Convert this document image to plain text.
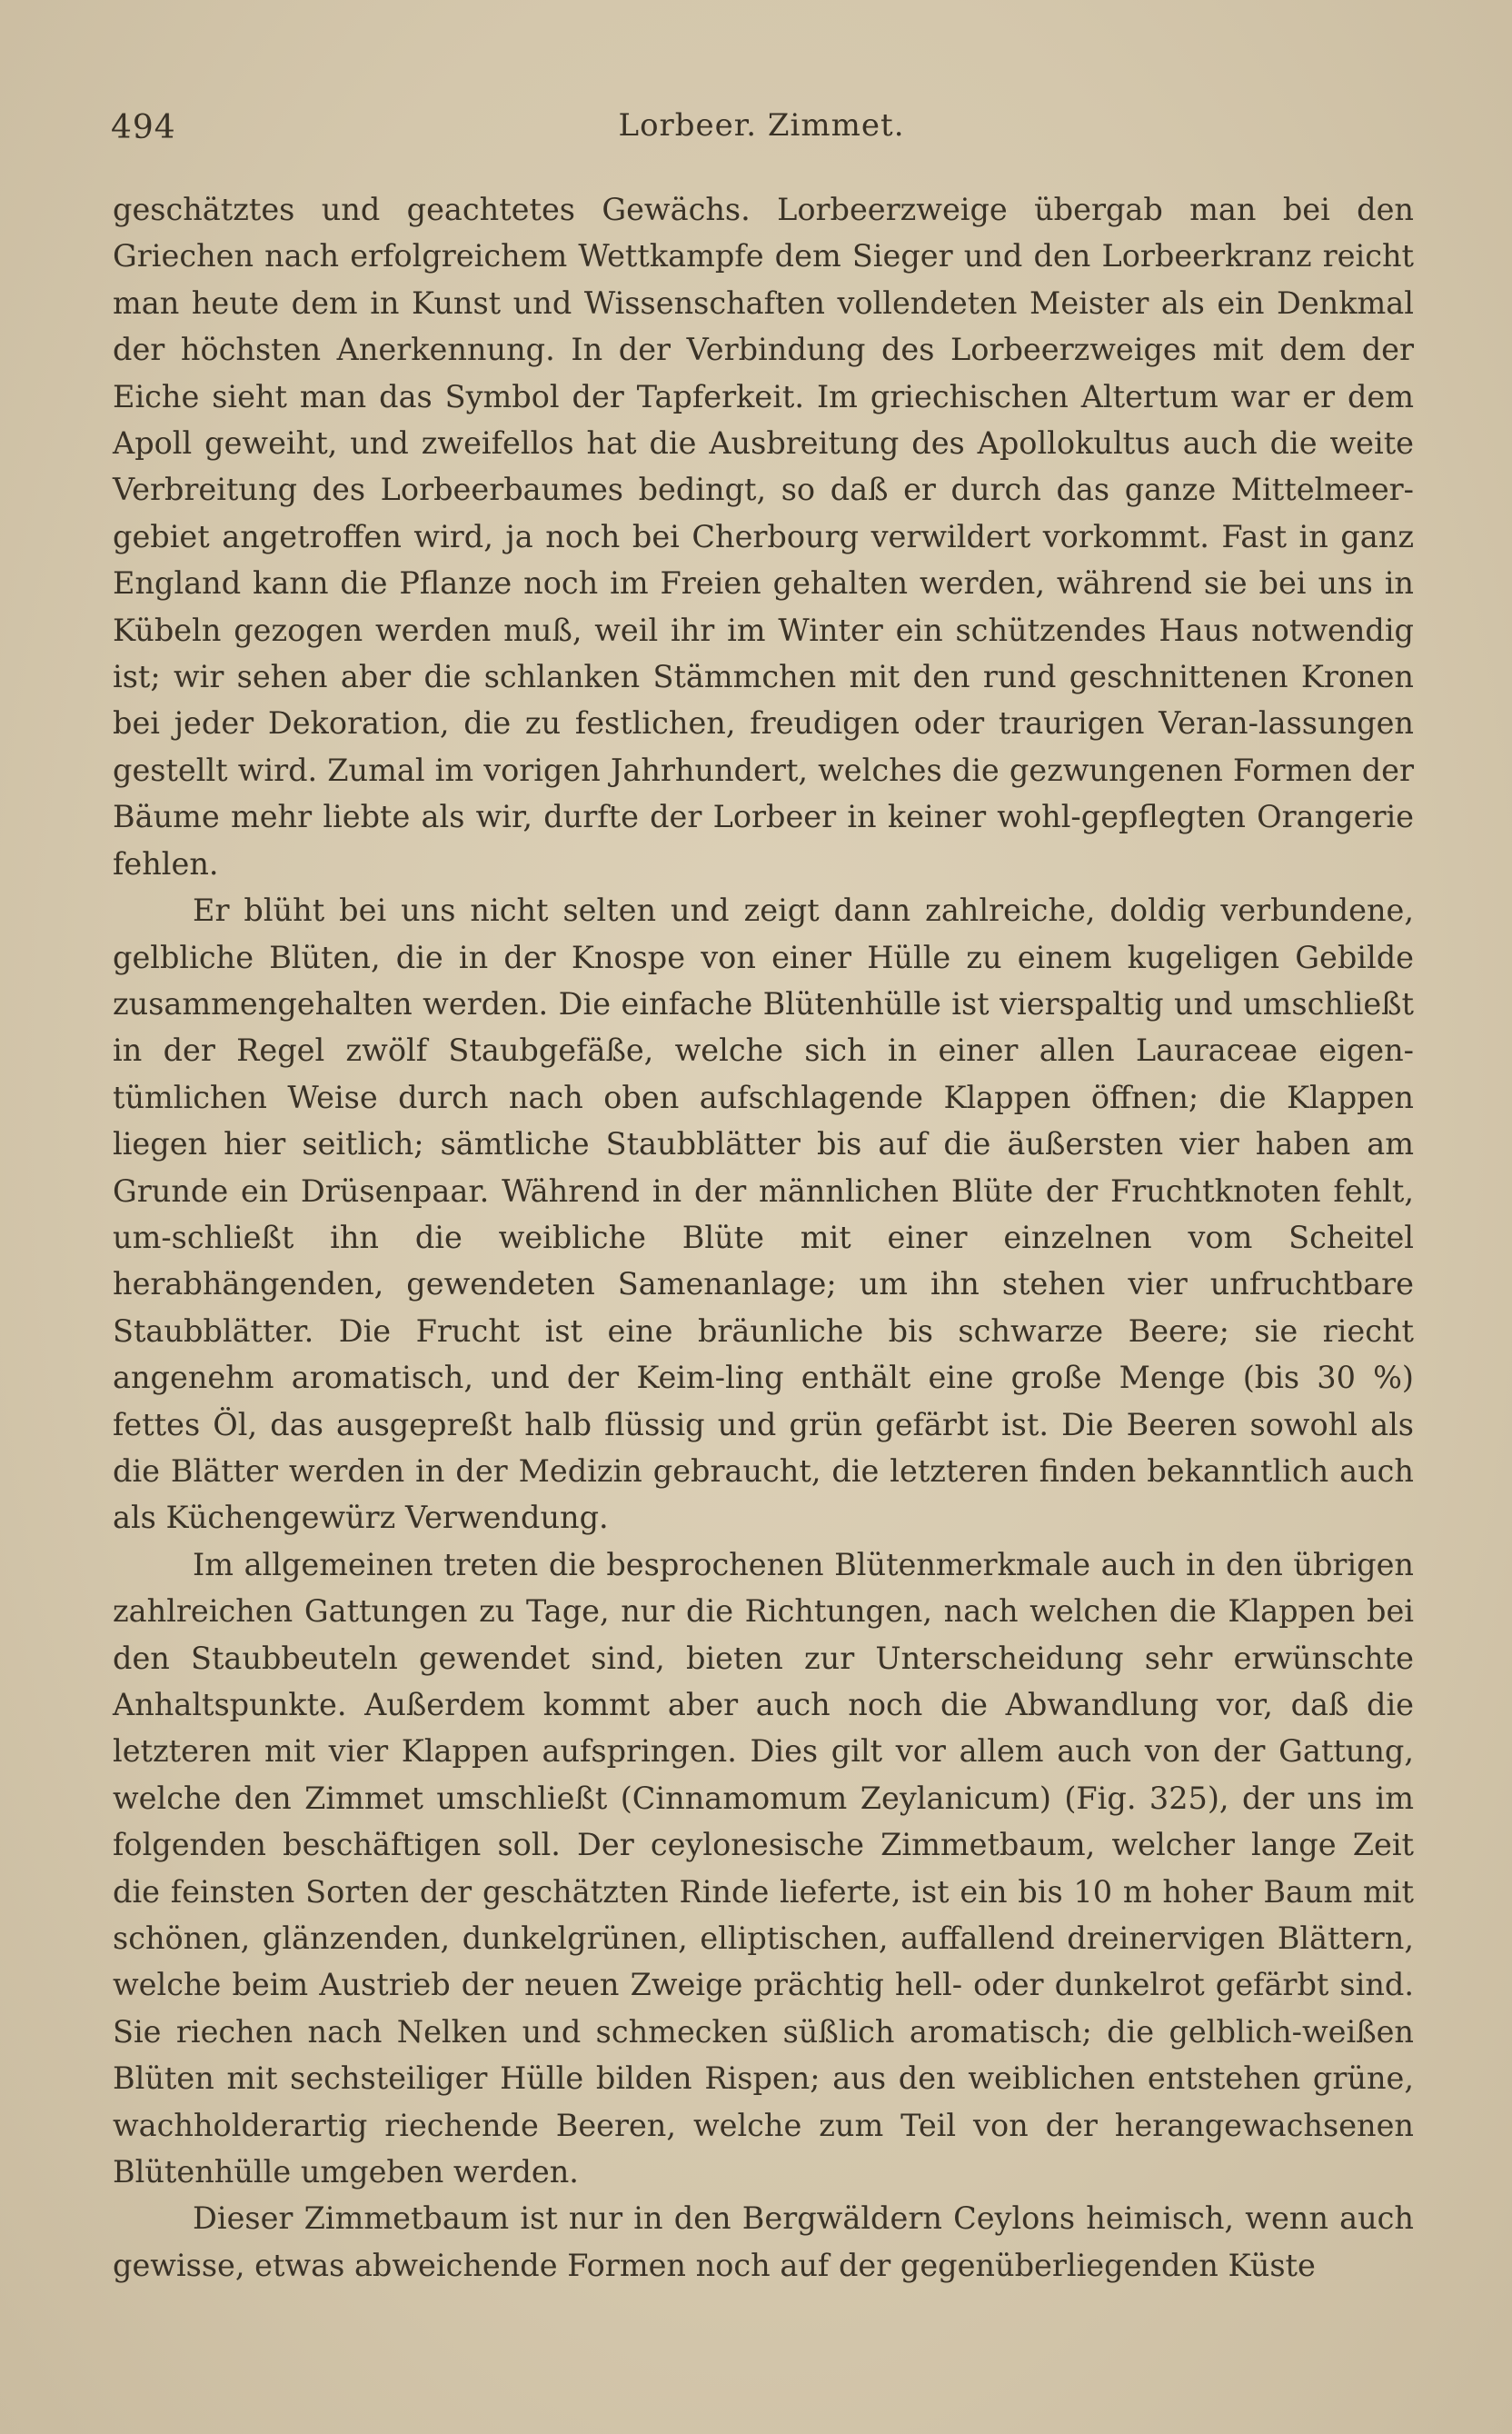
494	Lorbeer. Zimmet.

geschätztes und geachtetes Gewächs. Lorbeerzweige übergab man bei den Griechen nach erfolgreichem Wettkampfe dem Sieger und den Lorbeerkranz reicht man heute dem in Kunst und Wissenschaften vollendeten Meister als ein Denkmal der höchsten Anerkennung. In der Verbindung des Lorbeerzweiges mit dem der Eiche sieht man das Symbol der Tapferkeit. Im griechischen Altertum war er dem Apoll geweiht, und zweifellos hat die Ausbreitung des Apollokultus auch die weite Verbreitung des Lorbeerbaumes bedingt, so daß er durch das ganze Mittelmeer-gebiet angetroffen wird, ja noch bei Cherbourg verwildert vorkommt. Fast in ganz England kann die Pflanze noch im Freien gehalten werden, während sie bei uns in Kübeln gezogen werden muß, weil ihr im Winter ein schützendes Haus notwendig ist; wir sehen aber die schlanken Stämmchen mit den rund geschnittenen Kronen bei jeder Dekoration, die zu festlichen, freudigen oder traurigen Veran-lassungen gestellt wird. Zumal im vorigen Jahrhundert, welches die gezwungenen Formen der Bäume mehr liebte als wir, durfte der Lorbeer in keiner wohl-gepflegten Orangerie fehlen.

Er blüht bei uns nicht selten und zeigt dann zahlreiche, doldig verbundene, gelbliche Blüten, die in der Knospe von einer Hülle zu einem kugeligen Gebilde zusammengehalten werden. Die einfache Blütenhülle ist vierspaltig und umschließt in der Regel zwölf Staubgefäße, welche sich in einer allen Lauraceae eigen-tümlichen Weise durch nach oben aufschlagende Klappen öffnen; die Klappen liegen hier seitlich; sämtliche Staubblätter bis auf die äußersten vier haben am Grunde ein Drüsenpaar. Während in der männlichen Blüte der Fruchtknoten fehlt, um-schließt ihn die weibliche Blüte mit einer einzelnen vom Scheitel herabhängenden, gewendeten Samenanlage; um ihn stehen vier unfruchtbare Staubblätter. Die Frucht ist eine bräunliche bis schwarze Beere; sie riecht angenehm aromatisch, und der Keim-ling enthält eine große Menge (bis 30 %) fettes Öl, das ausgepreßt halb flüssig und grün gefärbt ist. Die Beeren sowohl als die Blätter werden in der Medizin gebraucht, die letzteren finden bekanntlich auch als Küchengewürz Verwendung.

Im allgemeinen treten die besprochenen Blütenmerkmale auch in den übrigen zahlreichen Gattungen zu Tage, nur die Richtungen, nach welchen die Klappen bei den Staubbeuteln gewendet sind, bieten zur Unterscheidung sehr erwünschte Anhaltspunkte. Außerdem kommt aber auch noch die Abwandlung vor, daß die letzteren mit vier Klappen aufspringen. Dies gilt vor allem auch von der Gattung, welche den Zimmet umschließt (Cinnamomum Zeylanicum) (Fig. 325), der uns im folgenden beschäftigen soll. Der ceylonesische Zimmetbaum, welcher lange Zeit die feinsten Sorten der geschätzten Rinde lieferte, ist ein bis 10 m hoher Baum mit schönen, glänzenden, dunkelgrünen, elliptischen, auffallend dreinervigen Blättern, welche beim Austrieb der neuen Zweige prächtig hell- oder dunkelrot gefärbt sind. Sie riechen nach Nelken und schmecken süßlich aromatisch; die gelblich-weißen Blüten mit sechsteiliger Hülle bilden Rispen; aus den weiblichen entstehen grüne, wachholderartig riechende Beeren, welche zum Teil von der herangewachsenen Blütenhülle umgeben werden.

Dieser Zimmetbaum ist nur in den Bergwäldern Ceylons heimisch, wenn auch gewisse, etwas abweichende Formen noch auf der gegenüberliegenden Küste
